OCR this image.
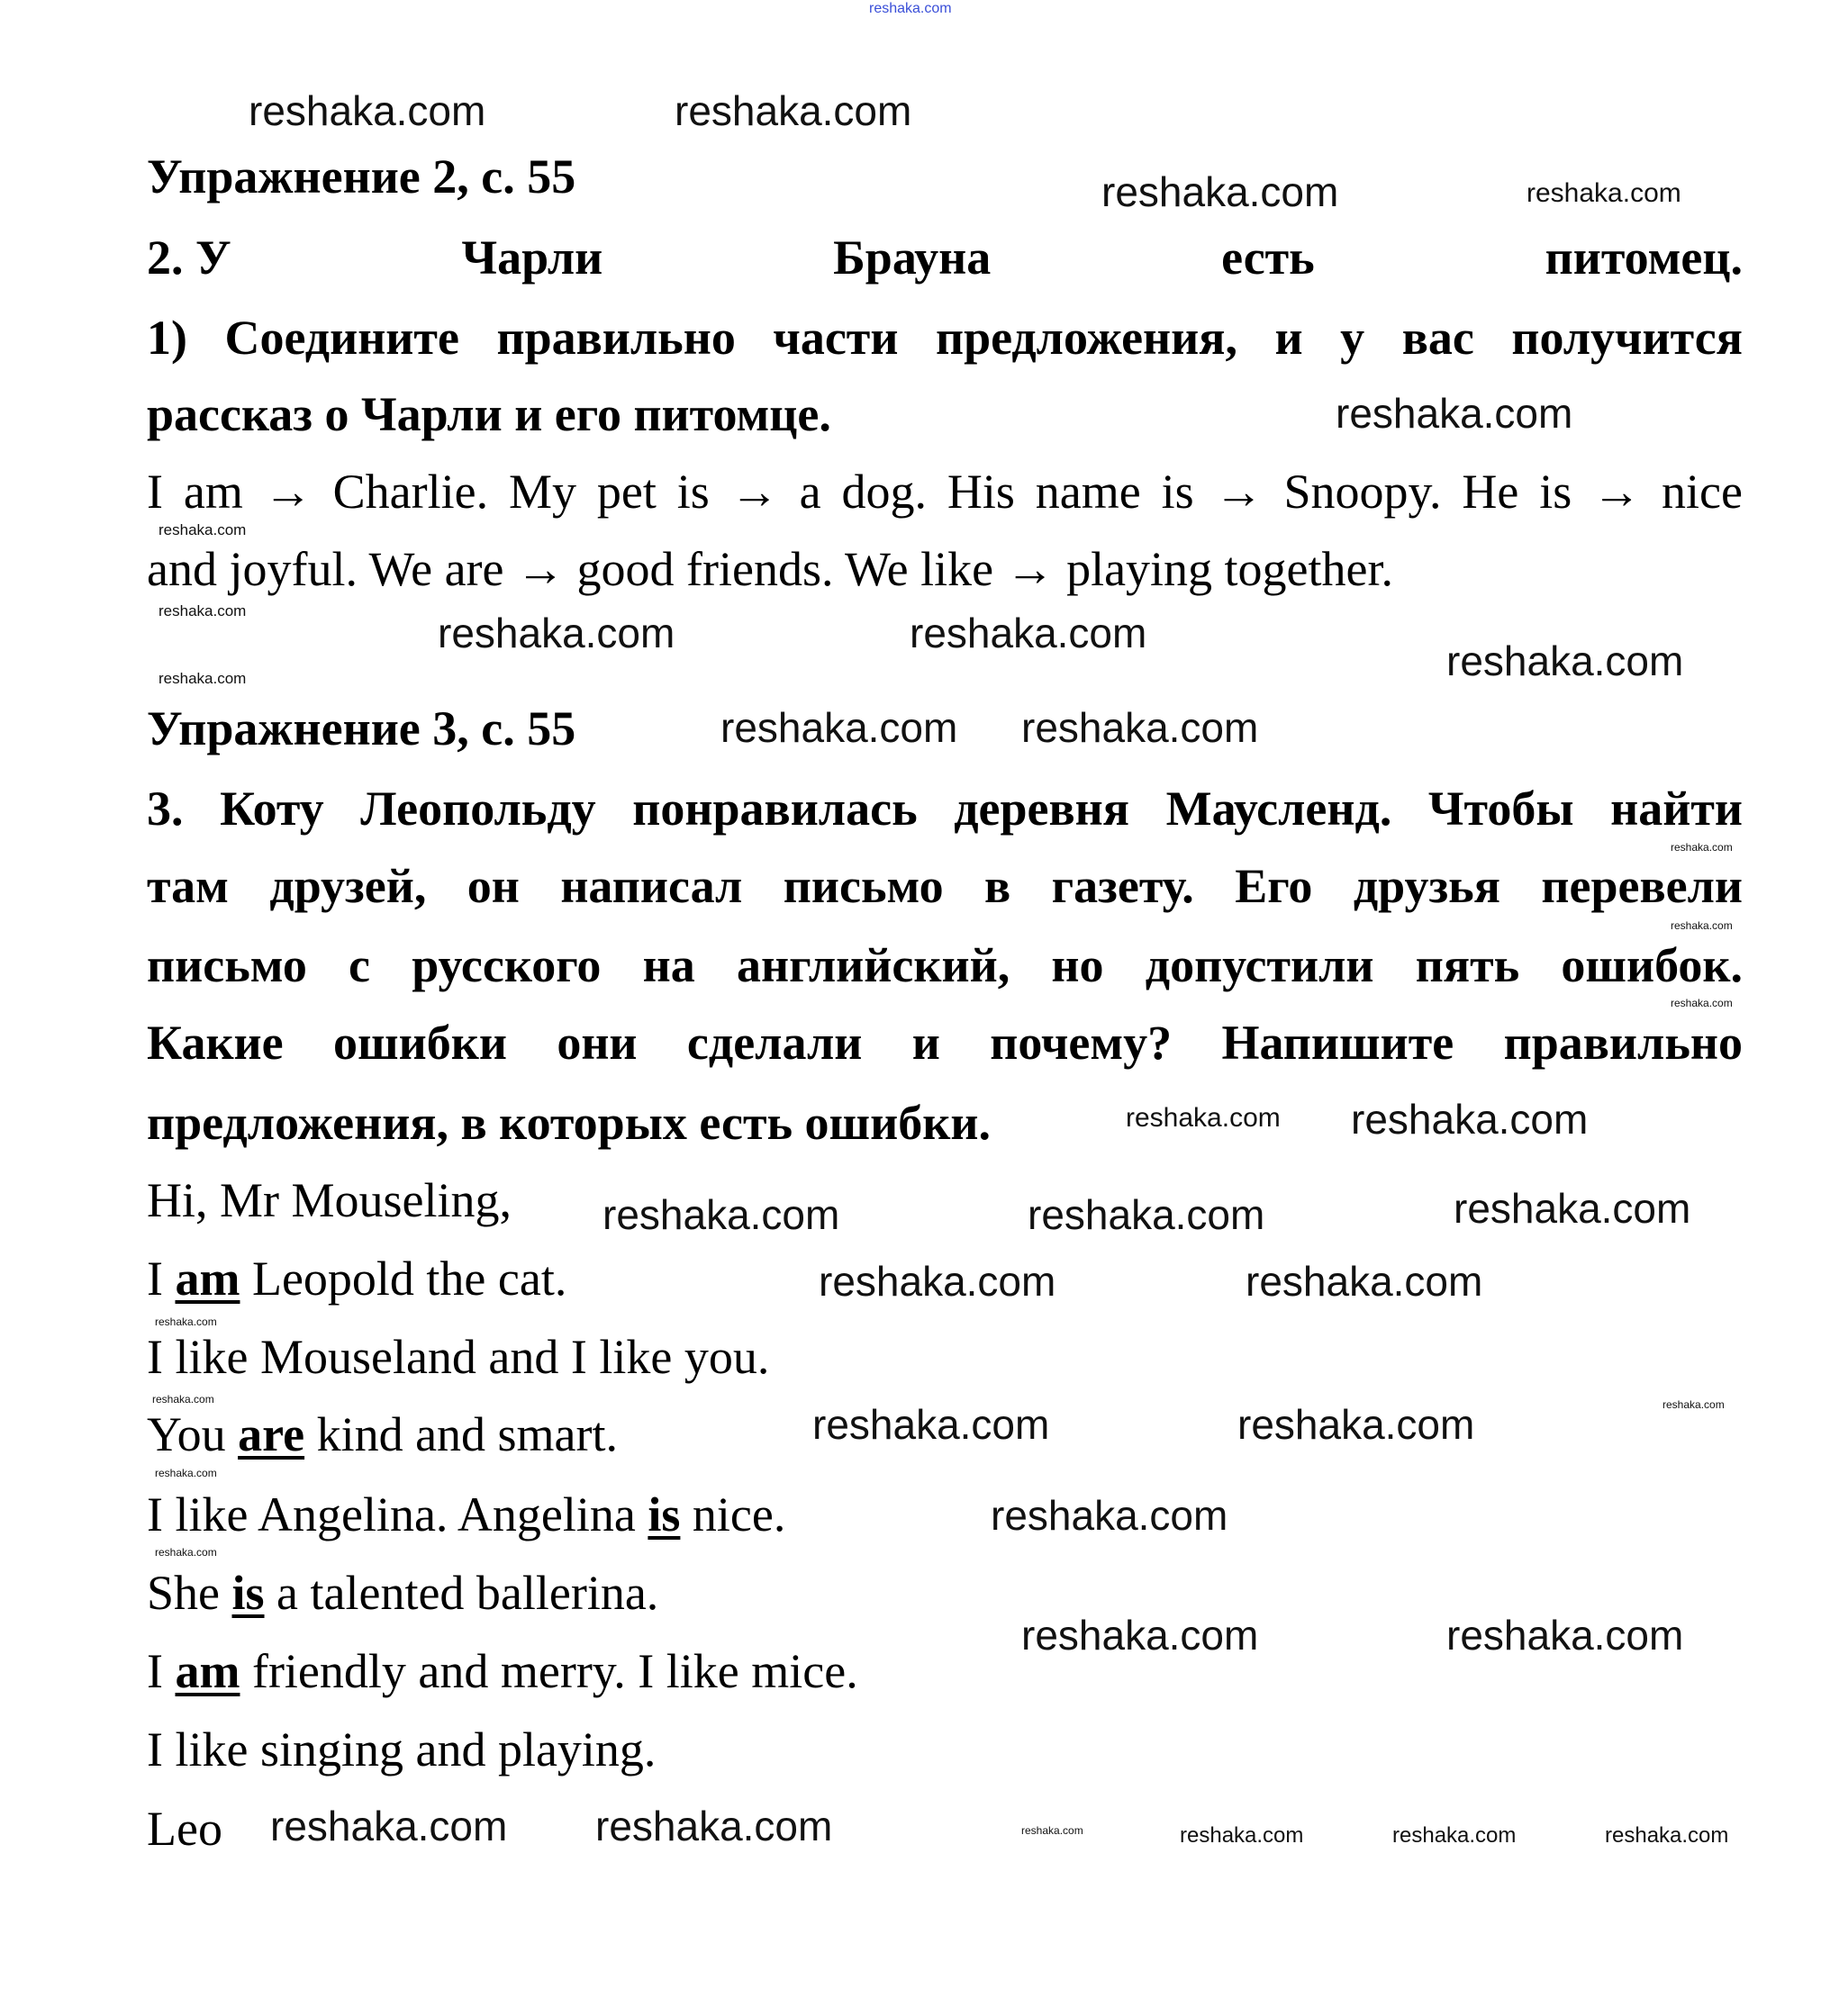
Упражнение 2, с. 55
2. У	Чарли	Брауна	есть	питомец.
1) Соедините правильно части предложения, и у вас получится
рассказ о Чарли и его питомце.
I am → Charlie. My pet is → a dog. His name is → Snoopy. He is → nice
and joyful. We are → good friends. We like → playing together.
Упражнение 3, с. 55
3. Коту Леопольду понравилась деревня Маусленд. Чтобы найти
там друзей, он написал письмо в газету. Его друзья перевели
письмо с русского на английский, но допустили пять ошибок.
Какие ошибки они сделали и почему? Напишите правильно
предложения, в которых есть ошибки.
Hi, Mr Mouseling,
I am Leopold the cat.
I like Mouseland and I like you.
You are kind and smart.
I like Angelina. Angelina is nice.
She is a talented ballerina.
I am friendly and merry. I like mice.
I like singing and playing.
Leo
reshaka.com
reshaka.com	reshaka.com
reshaka.com	reshaka.com
reshaka.com
reshaka.com
reshaka.com	reshaka.com
reshaka.com
reshaka.com
reshaka.com
reshaka.com reshaka.com
reshaka.com
reshaka.com
reshaka.com
reshaka.com
reshaka.com	reshaka.com
reshaka.com
reshaka.com	reshaka.com	reshaka.com
reshaka.com
reshaka.com
reshaka.com	reshaka.com	reshaka.com
reshaka.com
reshaka.com
reshaka.com
reshaka.com	reshaka.com
reshaka.com reshaka.com	reshaka.com	reshaka.com	reshaka.com	reshaka.com
